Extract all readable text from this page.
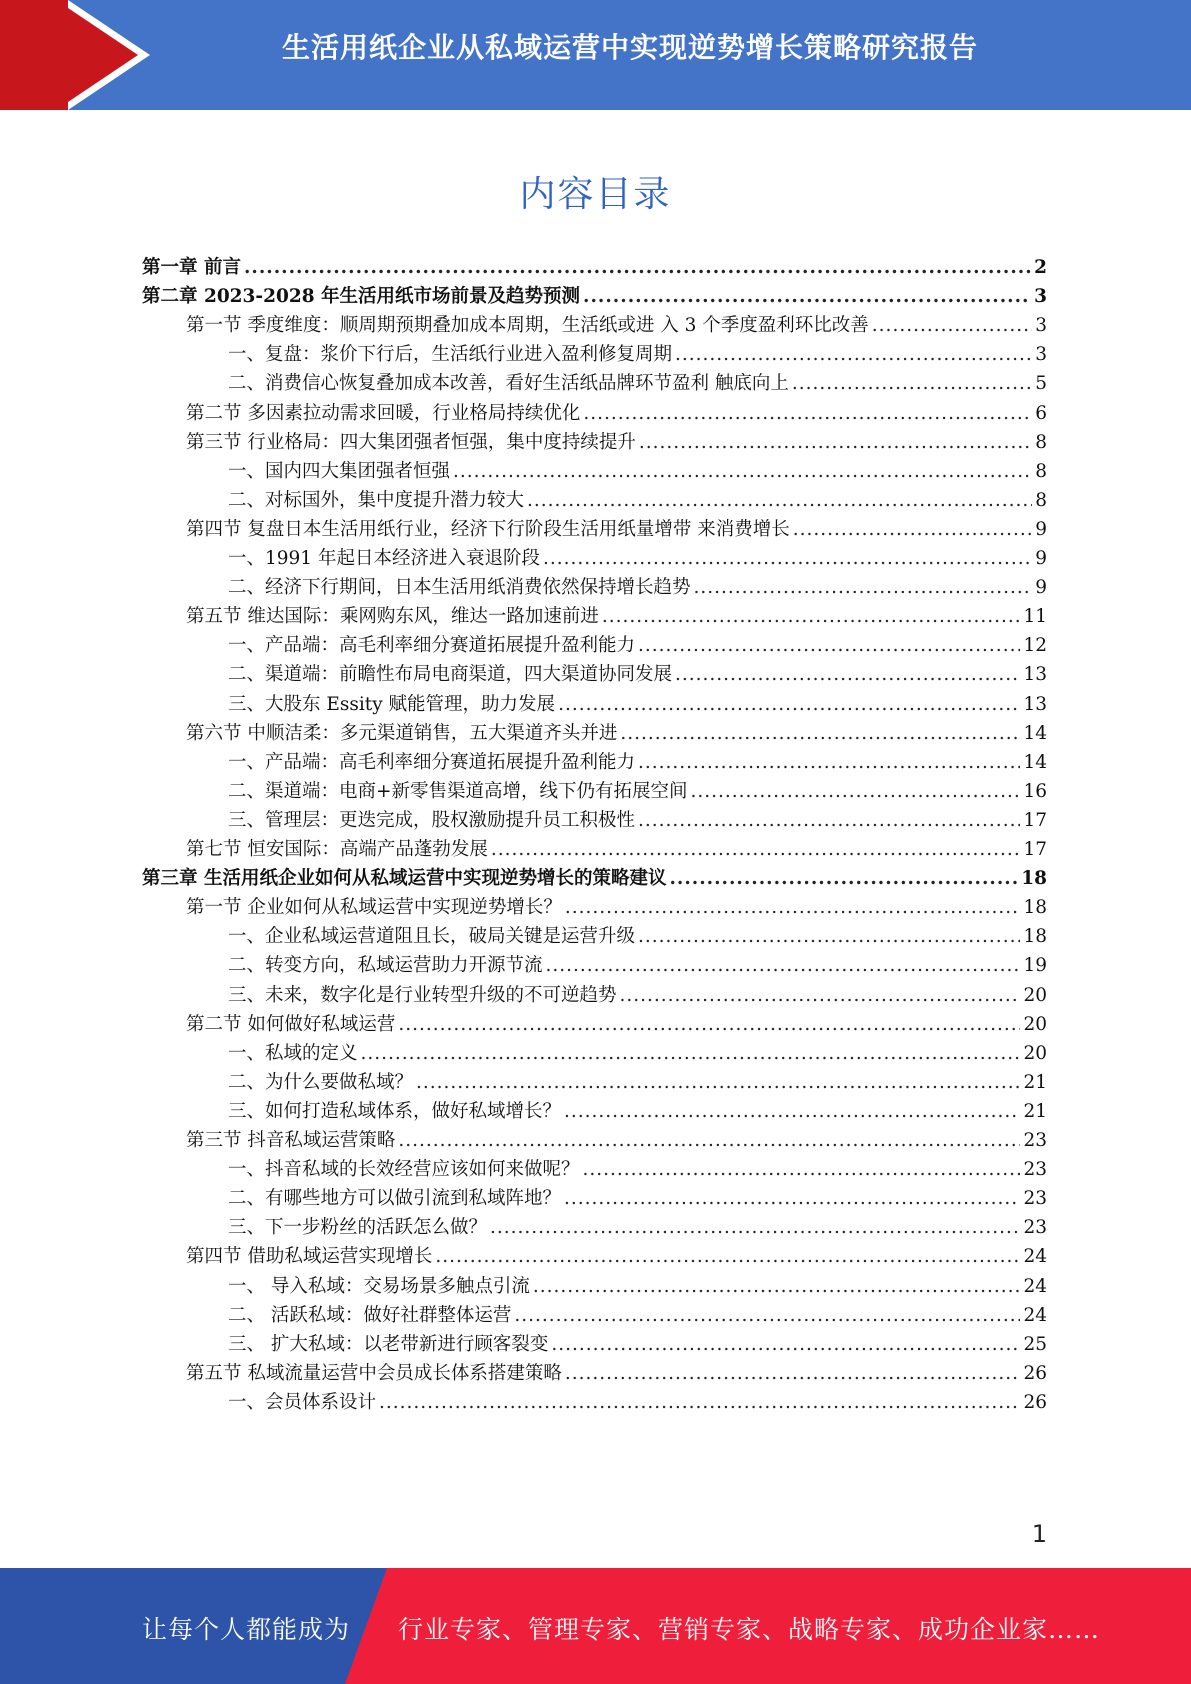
生活用纸企业从私域运营中实现逆势增长策略研究报告
内容目录
第一章 前言 .....	2
第二章 2023-2028 年生活用纸市场前景及趋势预测 .....	3
第一节 季度维度：顺周期预期叠加成本周期，生活纸或进 入 3 个季度盈利环比改善 .....	3
一、复盘：浆价下行后，生活纸行业进入盈利修复周期 .....	3
二、消费信心恢复叠加成本改善，看好生活纸品牌环节盈利 触底向上 .....	5
第二节 多因素拉动需求回暖，行业格局持续优化 .....	6
第三节 行业格局：四大集团强者恒强，集中度持续提升 .....	8
一、国内四大集团强者恒强 .....	8
二、对标国外，集中度提升潜力较大 .....	8
第四节 复盘日本生活用纸行业，经济下行阶段生活用纸量增带 来消费增长 .....	9
一、1991 年起日本经济进入衰退阶段 .....	9
二、经济下行期间，日本生活用纸消费依然保持增长趋势 .....	9
第五节 维达国际：乘网购东风，维达一路加速前进 .....	11
一、产品端：高毛利率细分赛道拓展提升盈利能力 .....	12
二、渠道端：前瞻性布局电商渠道，四大渠道协同发展 .....	13
三、大股东 Essity 赋能管理，助力发展 .....	13
第六节 中顺洁柔：多元渠道销售，五大渠道齐头并进 .....	14
一、产品端：高毛利率细分赛道拓展提升盈利能力 .....	14
二、渠道端：电商+新零售渠道高增，线下仍有拓展空间 .....	16
三、管理层：更迭完成，股权激励提升员工积极性 .....	17
第七节 恒安国际：高端产品蓬勃发展 .....	17
第三章 生活用纸企业如何从私域运营中实现逆势增长的策略建议 .....	18
第一节 企业如何从私域运营中实现逆势增长？ .....	18
一、企业私域运营道阻且长，破局关键是运营升级 .....	18
二、转变方向，私域运营助力开源节流 .....	19
三、未来，数字化是行业转型升级的不可逆趋势 .....	20
第二节 如何做好私域运营 .....	20
一、私域的定义 .....	20
二、为什么要做私域？ .....	21
三、如何打造私域体系，做好私域增长？ .....	21
第三节 抖音私域运营策略 .....	23
一、抖音私域的长效经营应该如何来做呢？ .....	23
二、有哪些地方可以做引流到私域阵地？ .....	23
三、下一步粉丝的活跃怎么做？ .....	23
第四节 借助私域运营实现增长 .....	24
一、 导入私域：交易场景多触点引流 .....	24
二、 活跃私域：做好社群整体运营 .....	24
三、 扩大私域：以老带新进行顾客裂变 .....	25
第五节 私域流量运营中会员成长体系搭建策略 .....	26
一、会员体系设计 .....	26
1
让每个人都能成为 行业专家、管理专家、营销专家、战略专家、成功企业家……
